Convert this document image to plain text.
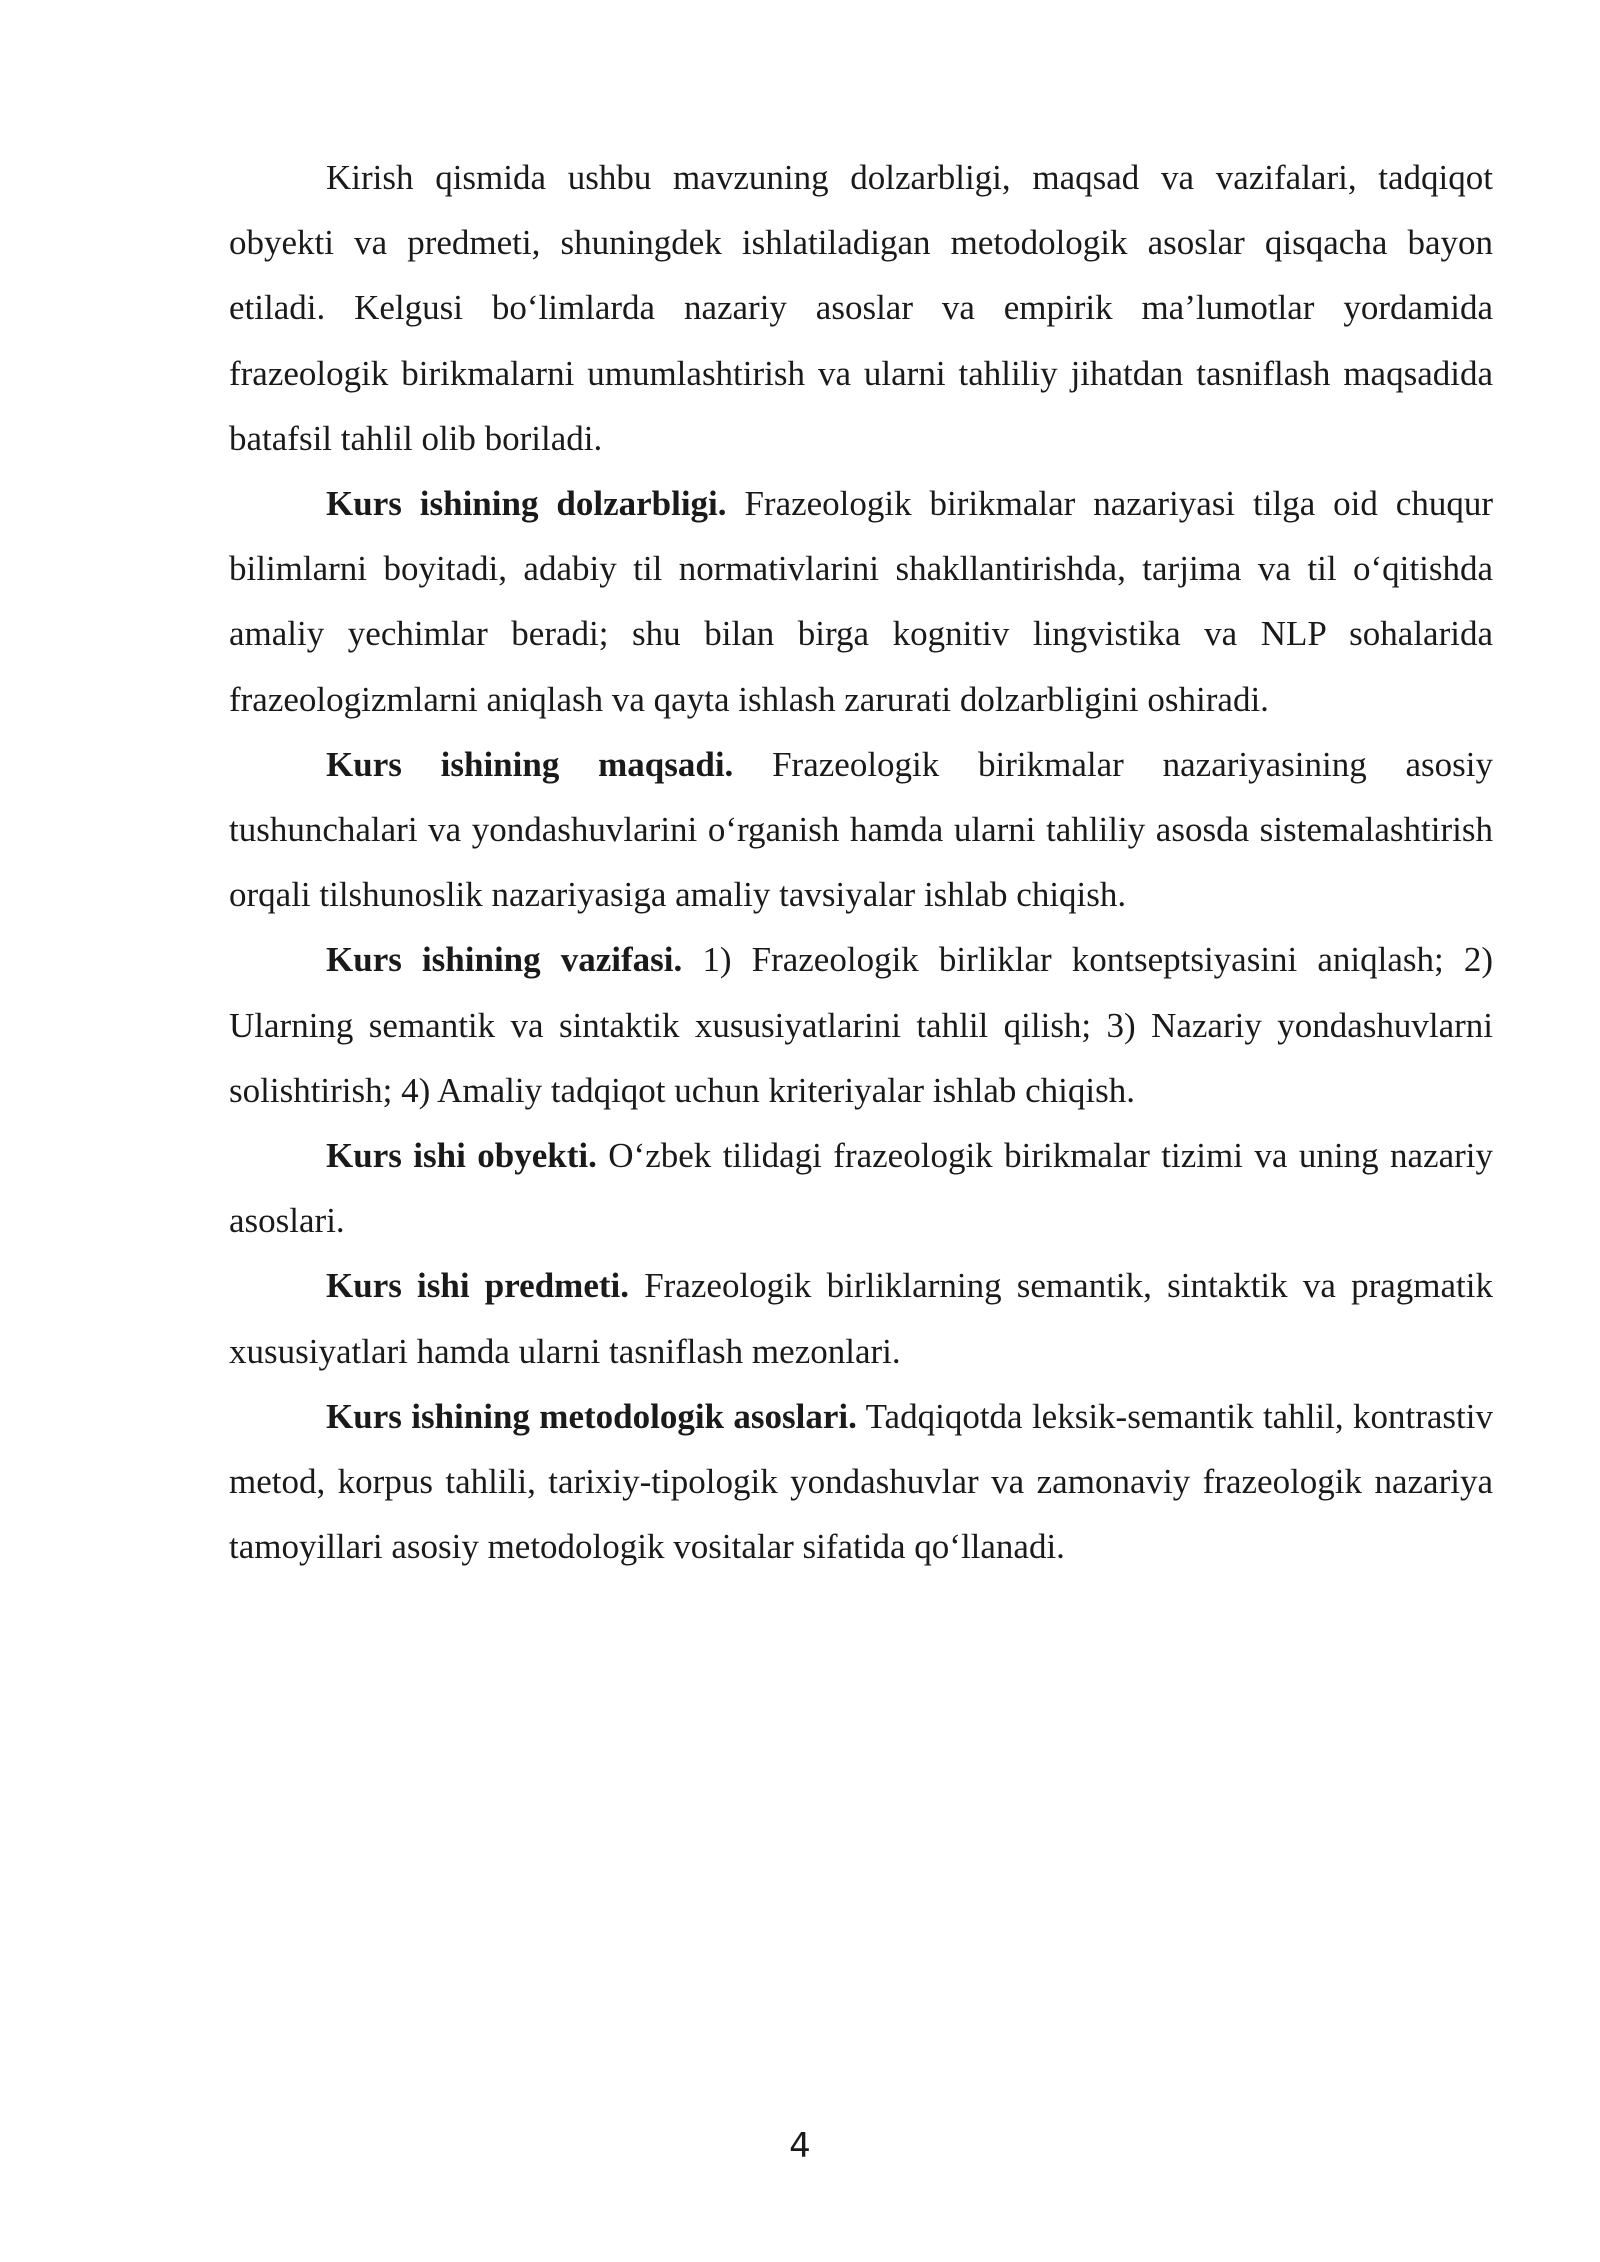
Kirish qismida ushbu mavzuning dolzarbligi, maqsad va vazifalari, tadqiqot obyekti va predmeti, shuningdek ishlatiladigan metodologik asoslar qisqacha bayon etiladi. Kelgusi bo‘limlarda nazariy asoslar va empirik ma’lumotlar yordamida frazeologik birikmalarni umumlashtirish va ularni tahliliy jihatdan tasniflash maqsadida batafsil tahlil olib boriladi.

Kurs ishining dolzarbligi. Frazeologik birikmalar nazariyasi tilga oid chuqur bilimlarni boyitadi, adabiy til normativlarini shakllantirishda, tarjima va til o‘qitishda amaliy yechimlar beradi; shu bilan birga kognitiv lingvistika va NLP sohalarida frazeologizmlarni aniqlash va qayta ishlash zarurati dolzarbligini oshiradi.

Kurs ishining maqsadi. Frazeologik birikmalar nazariyasining asosiy tushunchalari va yondashuvlarini o‘rganish hamda ularni tahliliy asosda sistemalashtirish orqali tilshunoslik nazariyasiga amaliy tavsiyalar ishlab chiqish.

Kurs ishining vazifasi. 1) Frazeologik birliklar kontseptsiyasini aniqlash; 2) Ularning semantik va sintaktik xususiyatlarini tahlil qilish; 3) Nazariy yondashuvlarni solishtirish; 4) Amaliy tadqiqot uchun kriteriyalar ishlab chiqish.

Kurs ishi obyekti. O‘zbek tilidagi frazeologik birikmalar tizimi va uning nazariy asoslari.

Kurs ishi predmeti. Frazeologik birliklarning semantik, sintaktik va pragmatik xususiyatlari hamda ularni tasniflash mezonlari.

Kurs ishining metodologik asoslari. Tadqiqotda leksik-semantik tahlil, kontrastiv metod, korpus tahlili, tarixiy-tipologik yondashuvlar va zamonaviy frazeologik nazariya tamoyillari asosiy metodologik vositalar sifatida qo‘llanadi.

4
